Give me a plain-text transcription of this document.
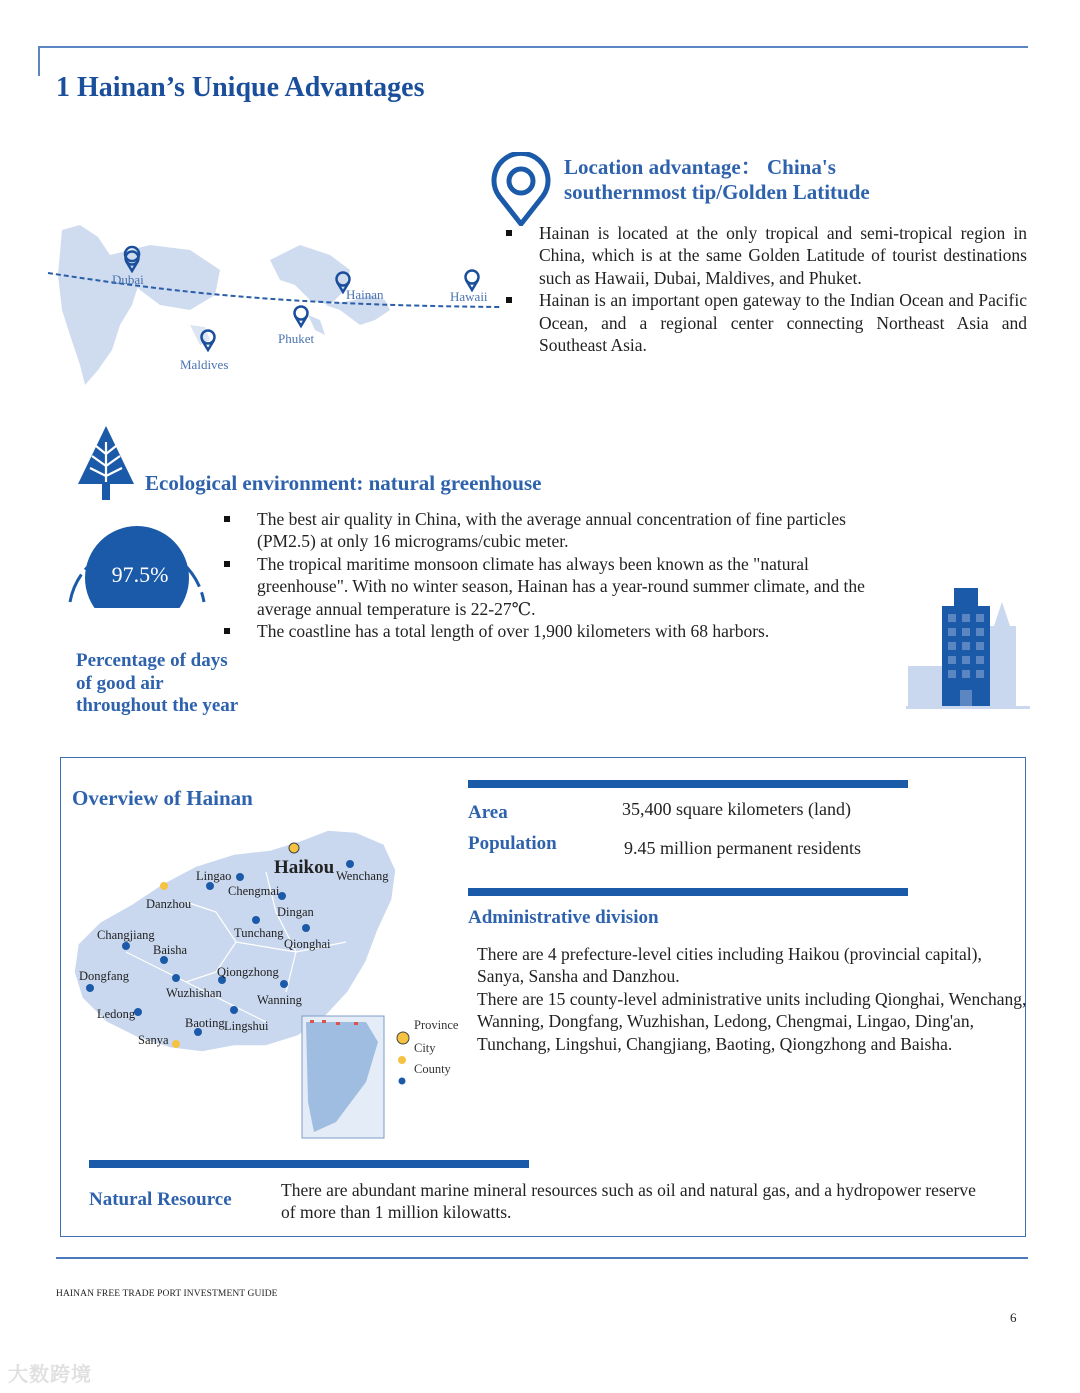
1 Hainan’s Unique Advantages
Dubai
Hainan	Hawaii
Phuket
Maldives
Location advantage： China's
southernmost tip/Golden Latitude
Hainan is located at the only tropical and semi-tropical region in China, which is at the same Golden Latitude of tourist destinations such as Hawaii, Dubai, Maldives, and Phuket.
Hainan is an important open gateway to the Indian Ocean and Pacific Ocean, and a regional center connecting Northeast Asia and Southeast Asia.
Ecological environment: natural greenhouse
97.5%
Percentage of days of good air throughout the year
The best air quality in China, with the average annual concentration of fine particles (PM2.5) at only 16 micrograms/cubic meter.
The tropical maritime monsoon climate has always been known as the "natural greenhouse". With no winter season, Hainan has a year-round summer climate, and the average annual temperature is 22-27℃.
The coastline has a total length of over 1,900 kilometers with 68 harbors.
Overview of Hainan
Area	35,400 square kilometers (land)
Population	9.45 million permanent residents
Administrative division

There are 4 prefecture-level cities including Haikou (provincial capital), Sanya, Sansha and Danzhou.

There are 15 county-level administrative units including Qionghai, Wenchang, Wanning, Dongfang, Wuzhishan, Ledong, Chengmai, Lingao, Ding'an, Tunchang, Lingshui, Changjiang, Baoting, Qiongzhong and Baisha.

Haikou Wenchang
Lingao
Chengmai
Danzhou
Dingan
Tunchang
Qionghai
Changjiang
Baisha
Dongfang	Qiongzhong
Wuzhishan	Wanning
Ledong
Baoting Lingshui
Sanya
Province
City
County
Natural Resource	There are abundant marine mineral resources such as oil and natural gas, and a hydropower reserve of more than 1 million kilowatts.
HAINAN FREE TRADE PORT INVESTMENT GUIDE
6
大数跨境
